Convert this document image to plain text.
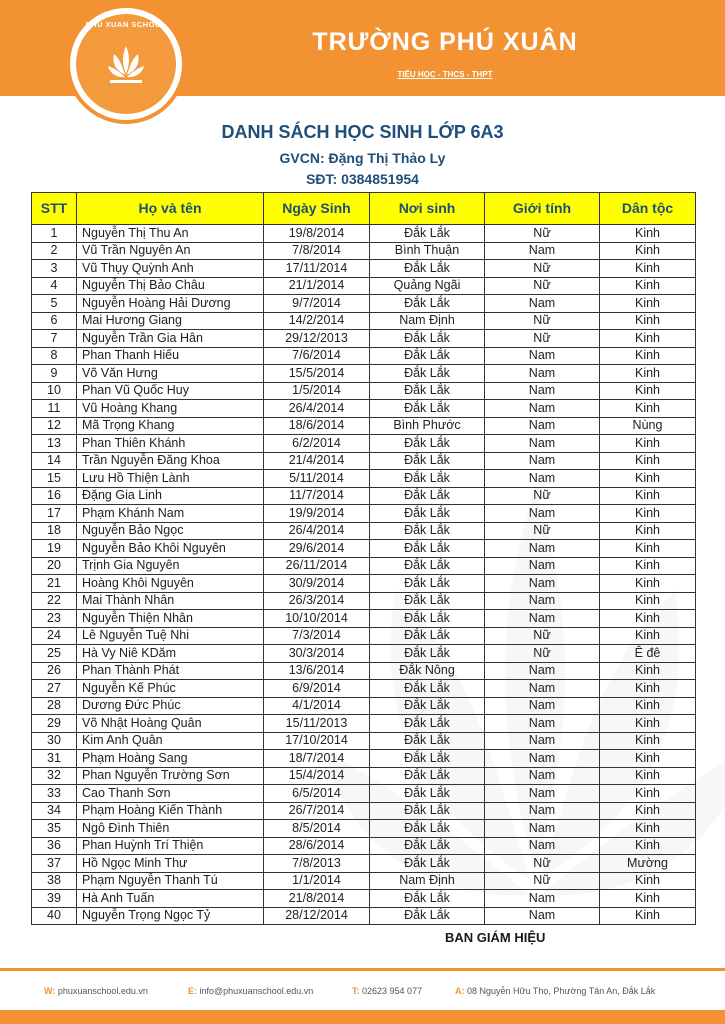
PHU XUAN SCHOOL
TRƯỜNG PHÚ XUÂN
TIỂU HỌC - THCS - THPT
DANH SÁCH HỌC SINH LỚP 6A3
GVCN: Đặng Thị Thảo Ly
SĐT: 0384851954
STT	Họ và tên	Ngày Sinh	Nơi sinh	Giới tính	Dân tộc
1	Nguyễn Thị Thu An	19/8/2014	Đắk Lắk	Nữ	Kinh
2	Vũ Trần Nguyên An	7/8/2014	Bình Thuận	Nam	Kinh
3	Vũ Thụy Quỳnh Anh	17/11/2014	Đắk Lắk	Nữ	Kinh
4	Nguyễn Thị Bảo Châu	21/1/2014	Quảng Ngãi	Nữ	Kinh
5	Nguyễn Hoàng Hải Dương	9/7/2014	Đắk Lắk	Nam	Kinh
6	Mai Hương Giang	14/2/2014	Nam Định	Nữ	Kinh
7	Nguyễn Trần Gia Hân	29/12/2013	Đắk Lắk	Nữ	Kinh
8	Phan Thanh Hiếu	7/6/2014	Đắk Lắk	Nam	Kinh
9	Võ Văn Hưng	15/5/2014	Đắk Lắk	Nam	Kinh
10	Phan Vũ Quốc Huy	1/5/2014	Đắk Lắk	Nam	Kinh
11	Vũ Hoàng Khang	26/4/2014	Đắk Lắk	Nam	Kinh
12	Mã Trọng Khang	18/6/2014	Bình Phước	Nam	Nùng
13	Phan Thiên Khánh	6/2/2014	Đắk Lắk	Nam	Kinh
14	Trần Nguyễn Đăng Khoa	21/4/2014	Đắk Lắk	Nam	Kinh
15	Lưu Hồ Thiện Lành	5/11/2014	Đắk Lắk	Nam	Kinh
16	Đặng Gia Linh	11/7/2014	Đắk Lắk	Nữ	Kinh
17	Phạm Khánh Nam	19/9/2014	Đắk Lắk	Nam	Kinh
18	Nguyễn Bảo Ngọc	26/4/2014	Đắk Lắk	Nữ	Kinh
19	Nguyễn Bảo Khôi Nguyên	29/6/2014	Đắk Lắk	Nam	Kinh
20	Trịnh Gia Nguyên	26/11/2014	Đắk Lắk	Nam	Kinh
21	Hoàng Khôi Nguyên	30/9/2014	Đắk Lắk	Nam	Kinh
22	Mai Thành Nhân	26/3/2014	Đắk Lắk	Nam	Kinh
23	Nguyễn Thiện Nhân	10/10/2014	Đắk Lắk	Nam	Kinh
24	Lê Nguyễn Tuệ Nhi	7/3/2014	Đắk Lắk	Nữ	Kinh
25	Hà Vy Niê KDăm	30/3/2014	Đắk Lắk	Nữ	Ê đê
26	Phan Thành Phát	13/6/2014	Đắk Nông	Nam	Kinh
27	Nguyễn Kế Phúc	6/9/2014	Đắk Lắk	Nam	Kinh
28	Dương Đức Phúc	4/1/2014	Đắk Lắk	Nam	Kinh
29	Võ Nhật Hoàng Quân	15/11/2013	Đắk Lắk	Nam	Kinh
30	Kim Anh Quân	17/10/2014	Đắk Lắk	Nam	Kinh
31	Phạm Hoàng Sang	18/7/2014	Đắk Lắk	Nam	Kinh
32	Phan Nguyễn Trường Sơn	15/4/2014	Đắk Lắk	Nam	Kinh
33	Cao Thanh Sơn	6/5/2014	Đắk Lắk	Nam	Kinh
34	Phạm Hoàng Kiến Thành	26/7/2014	Đắk Lắk	Nam	Kinh
35	Ngô Đình Thiên	8/5/2014	Đắk Lắk	Nam	Kinh
36	Phan Huỳnh Trí Thiện	28/6/2014	Đắk Lắk	Nam	Kinh
37	Hồ Ngọc Minh Thư	7/8/2013	Đắk Lắk	Nữ	Mường
38	Phạm Nguyễn Thanh Tú	1/1/2014	Nam Định	Nữ	Kinh
39	Hà Anh Tuấn	21/8/2014	Đắk Lắk	Nam	Kinh
40	Nguyễn Trọng Ngọc Tỷ	28/12/2014	Đắk Lắk	Nam	Kinh
BAN GIÁM HIỆU
W: phuxuanschool.edu.vn	E: info@phuxuanschool.edu.vn	T: 02623 954 077	A: 08 Nguyễn Hữu Thọ, Phường Tân An, Đắk Lắk
